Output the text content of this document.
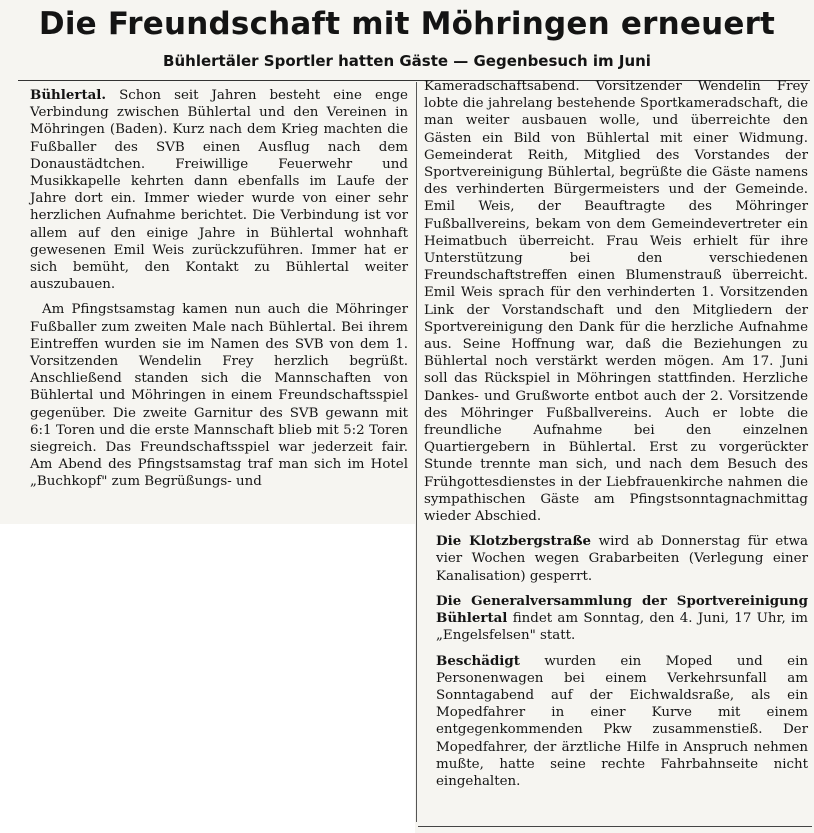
Die Freundschaft mit Möhringen erneuert
Bühlertäler Sportler hatten Gäste — Gegenbesuch im Juni

Bühlertal. Schon seit Jahren besteht eine enge Verbindung zwischen Bühlertal und den Vereinen in Möhringen (Baden). Kurz nach dem Krieg machten die Fußballer des SVB einen Ausflug nach dem Donaustädtchen. Freiwillige Feuerwehr und Musikkapelle kehrten dann ebenfalls im Laufe der Jahre dort ein. Immer wieder wurde von einer sehr herzlichen Aufnahme berichtet. Die Verbindung ist vor allem auf den einige Jahre in Bühlertal wohnhaft gewesenen Emil Weis zurückzuführen. Immer hat er sich bemüht, den Kontakt zu Bühlertal weiter auszubauen.

Am Pfingstsamstag kamen nun auch die Möhringer Fußballer zum zweiten Male nach Bühlertal. Bei ihrem Eintreffen wurden sie im Namen des SVB von dem 1. Vorsitzenden Wendelin Frey herzlich begrüßt. Anschließend standen sich die Mannschaften von Bühlertal und Möhringen in einem Freundschaftsspiel gegenüber. Die zweite Garnitur des SVB gewann mit 6:1 Toren und die erste Mannschaft blieb mit 5:2 Toren siegreich. Das Freundschaftsspiel war jederzeit fair. Am Abend des Pfingstsamstag traf man sich im Hotel „Buchkopf" zum Begrüßungs- und

Kameradschaftsabend. Vorsitzender Wendelin Frey lobte die jahrelang bestehende Sportkameradschaft, die man weiter ausbauen wolle, und überreichte den Gästen ein Bild von Bühlertal mit einer Widmung. Gemeinderat Reith, Mitglied des Vorstandes der Sportvereinigung Bühlertal, begrüßte die Gäste namens des verhinderten Bürgermeisters und der Gemeinde. Emil Weis, der Beauftragte des Möhringer Fußballvereins, bekam von dem Gemeindevertreter ein Heimatbuch überreicht. Frau Weis erhielt für ihre Unterstützung bei den verschiedenen Freundschaftstreffen einen Blumenstrauß überreicht. Emil Weis sprach für den verhinderten 1. Vorsitzenden Link der Vorstandschaft und den Mitgliedern der Sportvereinigung den Dank für die herzliche Aufnahme aus. Seine Hoffnung war, daß die Beziehungen zu Bühlertal noch verstärkt werden mögen. Am 17. Juni soll das Rückspiel in Möhringen stattfinden. Herzliche Dankes- und Grußworte entbot auch der 2. Vorsitzende des Möhringer Fußballvereins. Auch er lobte die freundliche Aufnahme bei den einzelnen Quartiergebern in Bühlertal. Erst zu vorgerückter Stunde trennte man sich, und nach dem Besuch des Frühgottesdienstes in der Liebfrauenkirche nahmen die sympathischen Gäste am Pfingstsonntagnachmittag wieder Abschied.

Die Klotzbergstraße wird ab Donnerstag für etwa vier Wochen wegen Grabarbeiten (Verlegung einer Kanalisation) gesperrt.

Die Generalversammlung der Sportvereinigung Bühlertal findet am Sonntag, den 4. Juni, 17 Uhr, im „Engelsfelsen" statt.

Beschädigt wurden ein Moped und ein Personenwagen bei einem Verkehrsunfall am Sonntagabend auf der Eichwaldsraße, als ein Mopedfahrer in einer Kurve mit einem entgegenkommenden Pkw zusammenstieß. Der Mopedfahrer, der ärztliche Hilfe in Anspruch nehmen mußte, hatte seine rechte Fahrbahnseite nicht eingehalten.
